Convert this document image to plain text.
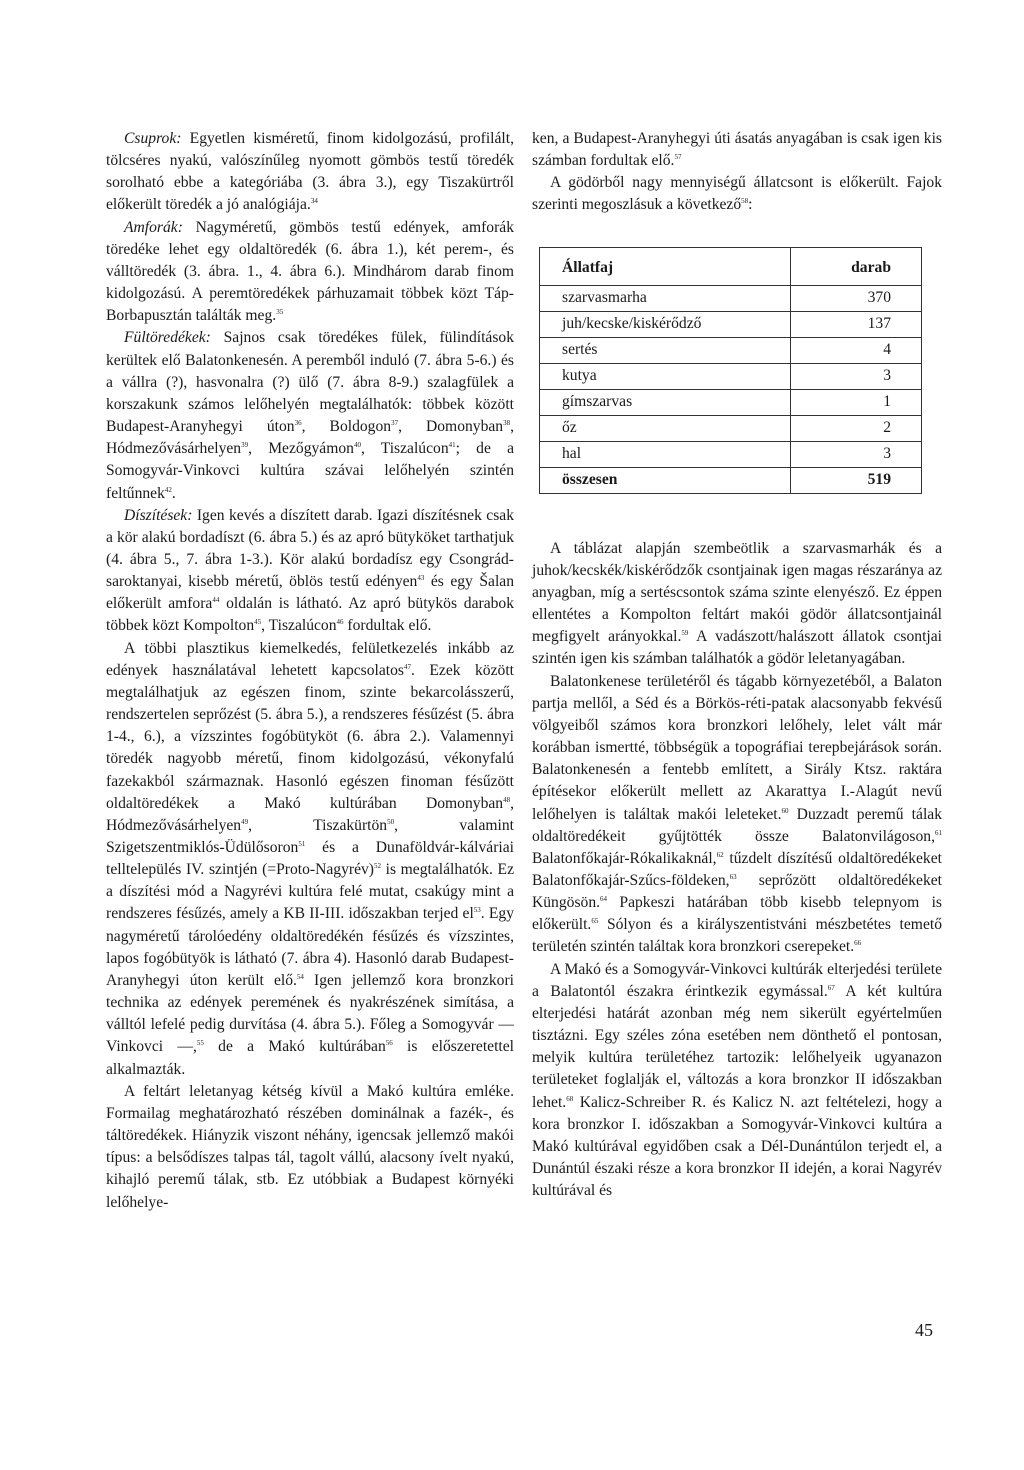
Csuprok: Egyetlen kisméretű, finom kidolgozású, profilált, tölcséres nyakú, valószínűleg nyomott gömbös testű töredék sorolható ebbe a kategóriába (3. ábra 3.), egy Tiszakürtről előkerült töredék a jó analógiája.$^{34}$

Amforák: Nagyméretű, gömbös testű edények, amforák töredéke lehet egy oldaltöredék (6. ábra 1.), két perem-, és válltöredék (3. ábra. 1., 4. ábra 6.). Mindhárom darab finom kidolgozású. A peremtöredékek párhuzamait többek közt Táp-Borbapusztán találták meg.$^{35}$

Fültöredékek: Sajnos csak töredékes fülek, fülindítások kerültek elő Balatonkenesén. A peremből induló (7. ábra 5-6.) és a vállra (?), hasvonalra (?) ülő (7. ábra 8-9.) szalagfülek a korszakunk számos lelőhelyén megtalálhatók: többek között Budapest-Aranyhegyi úton$^{36}$, Boldogon$^{37}$, Domonyban$^{38}$, Hódmezővásárhelyen$^{39}$, Mezőgyámon$^{40}$, Tiszalúcon$^{41}$; de a Somogyvár-Vinkovci kultúra szávai lelőhelyén szintén feltűnnek$^{42}$.

Díszítések: Igen kevés a díszített darab. Igazi díszítésnek csak a kör alakú bordadíszt (6. ábra 5.) és az apró bütyköket tarthatjuk (4. ábra 5., 7. ábra 1-3.). Kör alakú bordadísz egy Csongrád-saroktanyai, kisebb méretű, öblös testű edényen$^{43}$ és egy Šalan előkerült amfora$^{44}$ oldalán is látható. Az apró bütykös darabok többek közt Kompolton$^{45}$, Tiszalúcon$^{46}$ fordultak elő.

A többi plasztikus kiemelkedés, felületkezelés inkább az edények használatával lehetett kapcsolatos$^{47}$. Ezek között megtalálhatjuk az egészen finom, szinte bekarcolásszerű, rendszertelen seprőzést (5. ábra 5.), a rendszeres fésűzést (5. ábra 1-4., 6.), a vízszintes fogóbütyköt (6. ábra 2.). Valamennyi töredék nagyobb méretű, finom kidolgozású, vékonyfalú fazekakból származnak. Hasonló egészen finoman fésűzött oldaltöredékek a Makó kultúrában Domonyban$^{48}$, Hódmezővásárhelyen$^{49}$, Tiszakürtön$^{50}$, valamint Szigetszentmiklós-Üdülősoron$^{51}$ és a Dunaföldvár-kálváriai telltelepülés IV. szintjén (=Proto-Nagyrév)$^{52}$ is megtalálhatók. Ez a díszítési mód a Nagyrévi kultúra felé mutat, csakúgy mint a rendszeres fésűzés, amely a KB II-III. időszakban terjed $el^{53}$. Egy nagyméretű tárolóedény oldaltöredékén fésűzés és vízszintes, lapos fogóbütyök is látható (7. ábra 4). Hasonló darab Budapest-Aranyhegyi úton került elő.$^{54}$ Igen jellemző kora bronzkori technika az edények peremének és nyakrészének simítása, a válltól lefelé pedig durvítása (4. ábra 5.). Főleg a Somogyvár — Vinkovci —,$^{55}$ de a Makó kultúrában$^{56}$ is előszeretettel alkalmazták.

A feltárt leletanyag kétség kívül a Makó kultúra emléke. Formailag meghatározható részében dominálnak a fazék-, és táltöredékek. Hiányzik viszont néhány, igencsak jellemző makói típus: a belsődíszes talpas tál, tagolt vállú, alacsony ívelt nyakú, kihajló peremű tálak, stb. Ez utóbbiak a Budapest környéki lelőhelye-

ken, a Budapest-Aranyhegyi úti ásatás anyagában is csak igen kis számban fordultak elő.$^{57}$

A gödörből nagy mennyiségű állatcsont is előkerült. Fajok szerinti megoszlásuk a következő$^{58}$:

Állatfaj	darab
szarvasmarha	370
juh/kecske/kiskérődző	137
sertés	4
kutya	3
gímszarvas	1
őz	2
hal	3
összesen	519

A táblázat alapján szembeötlik a szarvasmarhák és a juhok/kecskék/kiskérődzők csontjainak igen magas részaránya az anyagban, míg a sertéscsontok száma szinte elenyésző. Ez éppen ellentétes a Kompolton feltárt makói gödör állatcsontjainál megfigyelt arányokkal.$^{59}$ A vadászott/halászott állatok csontjai szintén igen kis számban találhatók a gödör leletanyagában.

Balatonkenese területéről és tágabb környezetéből, a Balaton partja mellől, a Séd és a Börkös-réti-patak alacsonyabb fekvésű völgyeiből számos kora bronzkori lelőhely, lelet vált már korábban ismertté, többségük a topográfiai terepbejárások során. Balatonkenesén a fentebb említett, a Sirály Ktsz. raktára építésekor előkerült mellett az Akarattya I.-Alagút nevű lelőhelyen is találtak makói leleteket.$^{60}$ Duzzadt peremű tálak oldaltöredékeit gyűjtötték össze Balatonvilágoson,$^{61}$ Balatonfőkajár-Rókalikaknál,$^{62}$ tűzdelt díszítésű oldaltöredékeket Balatonfőkajár-Szűcs-földeken,$^{63}$ seprőzött oldaltöredékeket Küngösön.$^{64}$ Papkeszi határában több kisebb telepnyom is előkerült.$^{65}$ Sólyon és a királyszentistváni mészbetétes temető területén szintén találtak kora bronzkori cserepeket.$^{66}$

A Makó és a Somogyvár-Vinkovci kultúrák elterjedési területe a Balatontól északra érintkezik egymással.$^{67}$ A két kultúra elterjedési határát azonban még nem sikerült egyértelműen tisztázni. Egy széles zóna esetében nem dönthető el pontosan, melyik kultúra területéhez tartozik: lelőhelyeik ugyanazon területeket foglalják el, változás a kora bronzkor II időszakban lehet.$^{68}$ Kalicz-Schreiber R. és Kalicz N. azt feltételezi, hogy a kora bronzkor I. időszakban a Somogyvár-Vinkovci kultúra a Makó kultúrával egyidőben csak a Dél-Dunántúlon terjedt el, a Dunántúl északi része a kora bronzkor II idején, a korai Nagyrév kultúrával és

45
